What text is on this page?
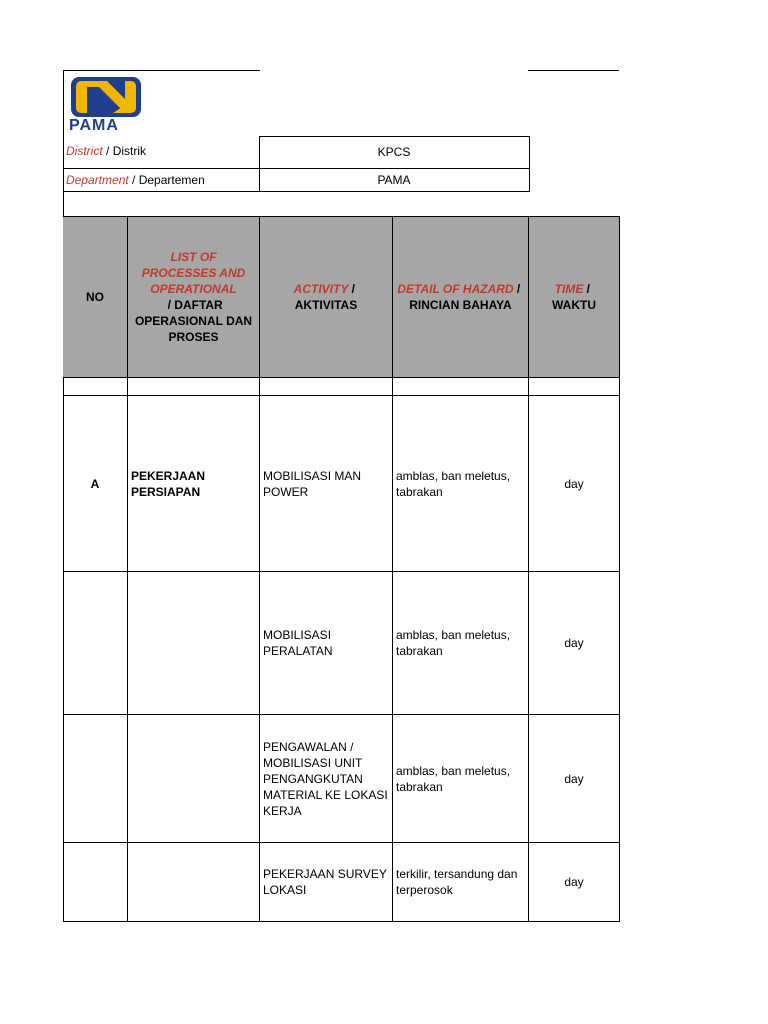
PAMA
District / Distrik	KPCS
Department / Departemen	PAMA
NO
LIST OF PROCESSES AND OPERATIONAL / DAFTAR OPERASIONAL DAN PROSES
ACTIVITY /
AKTIVITAS
DETAIL OF HAZARD /
RINCIAN BAHAYA
TIME /
WAKTU
A
PEKERJAAN PERSIAPAN
MOBILISASI MAN POWER
amblas, ban meletus, tabrakan
day
MOBILISASI PERALATAN
amblas, ban meletus, tabrakan
day
PENGAWALAN / MOBILISASI UNIT PENGANGKUTAN MATERIAL KE LOKASI KERJA
amblas, ban meletus, tabrakan
day
PEKERJAAN SURVEY LOKASI
terkilir, tersandung dan terperosok
day
